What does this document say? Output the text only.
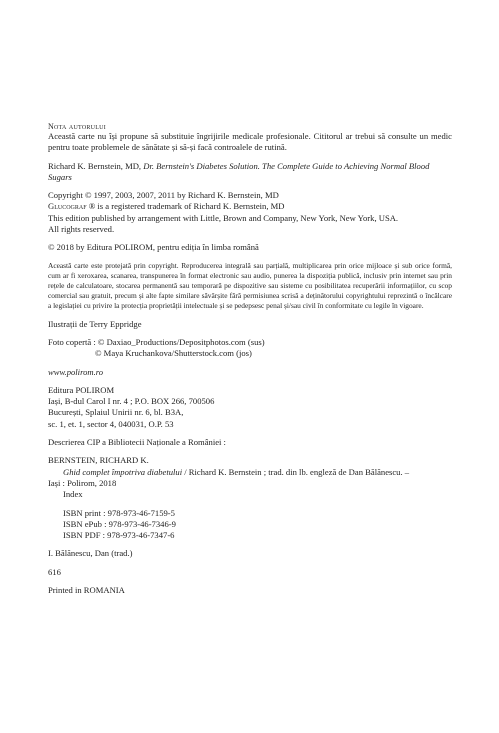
Nota autorului

Această carte nu își propune să substituie îngrijirile medicale profesionale. Cititorul ar trebui să consulte un medic pentru toate problemele de sănătate și să-și facă controalele de rutină.

Richard K. Bernstein, MD, Dr. Bernstein's Diabetes Solution. The Complete Guide to Achieving Normal Blood Sugars

Copyright © 1997, 2003, 2007, 2011 by Richard K. Bernstein, MD

Glucograf ® is a registered trademark of Richard K. Bernstein, MD

This edition published by arrangement with Little, Brown and Company, New York, New York, USA.

All rights reserved.

© 2018 by Editura POLIROM, pentru ediția în limba română

Această carte este protejată prin copyright. Reproducerea integrală sau parțială, multiplicarea prin orice mijloace și sub orice formă, cum ar fi xeroxarea, scanarea, transpunerea în format electronic sau audio, punerea la dispoziția publică, inclusiv prin internet sau prin rețele de calculatoare, stocarea permanentă sau temporară pe dispozitive sau sisteme cu posibilitatea recuperării informațiilor, cu scop comercial sau gratuit, precum și alte fapte similare săvârșite fără permisiunea scrisă a deținătorului copyrightului reprezintă o încălcare a legislației cu privire la protecția proprietății intelectuale și se pedepsesc penal și/sau civil în conformitate cu legile în vigoare.

Ilustrații de Terry Eppridge

Foto copertă : © Daxiao_Productions/Depositphotos.com (sus)
© Maya Kruchankova/Shutterstock.com (jos)

www.polirom.ro

Editura POLIROM

Iași, B-dul Carol I nr. 4 ; P.O. BOX 266, 700506

București, Splaiul Unirii nr. 6, bl. B3A,

sc. 1, et. 1, sector 4, 040031, O.P. 53

Descrierea CIP a Bibliotecii Naționale a României :

BERNSTEIN, RICHARD K.

Ghid complet împotriva diabetului / Richard K. Bernstein ; trad. din lb. engleză de Dan Bălănescu. –

Iași : Polirom, 2018

Index

ISBN print : 978-973-46-7159-5

ISBN ePub : 978-973-46-7346-9

ISBN PDF : 978-973-46-7347-6

I. Bălănescu, Dan (trad.)

616

Printed in ROMANIA
